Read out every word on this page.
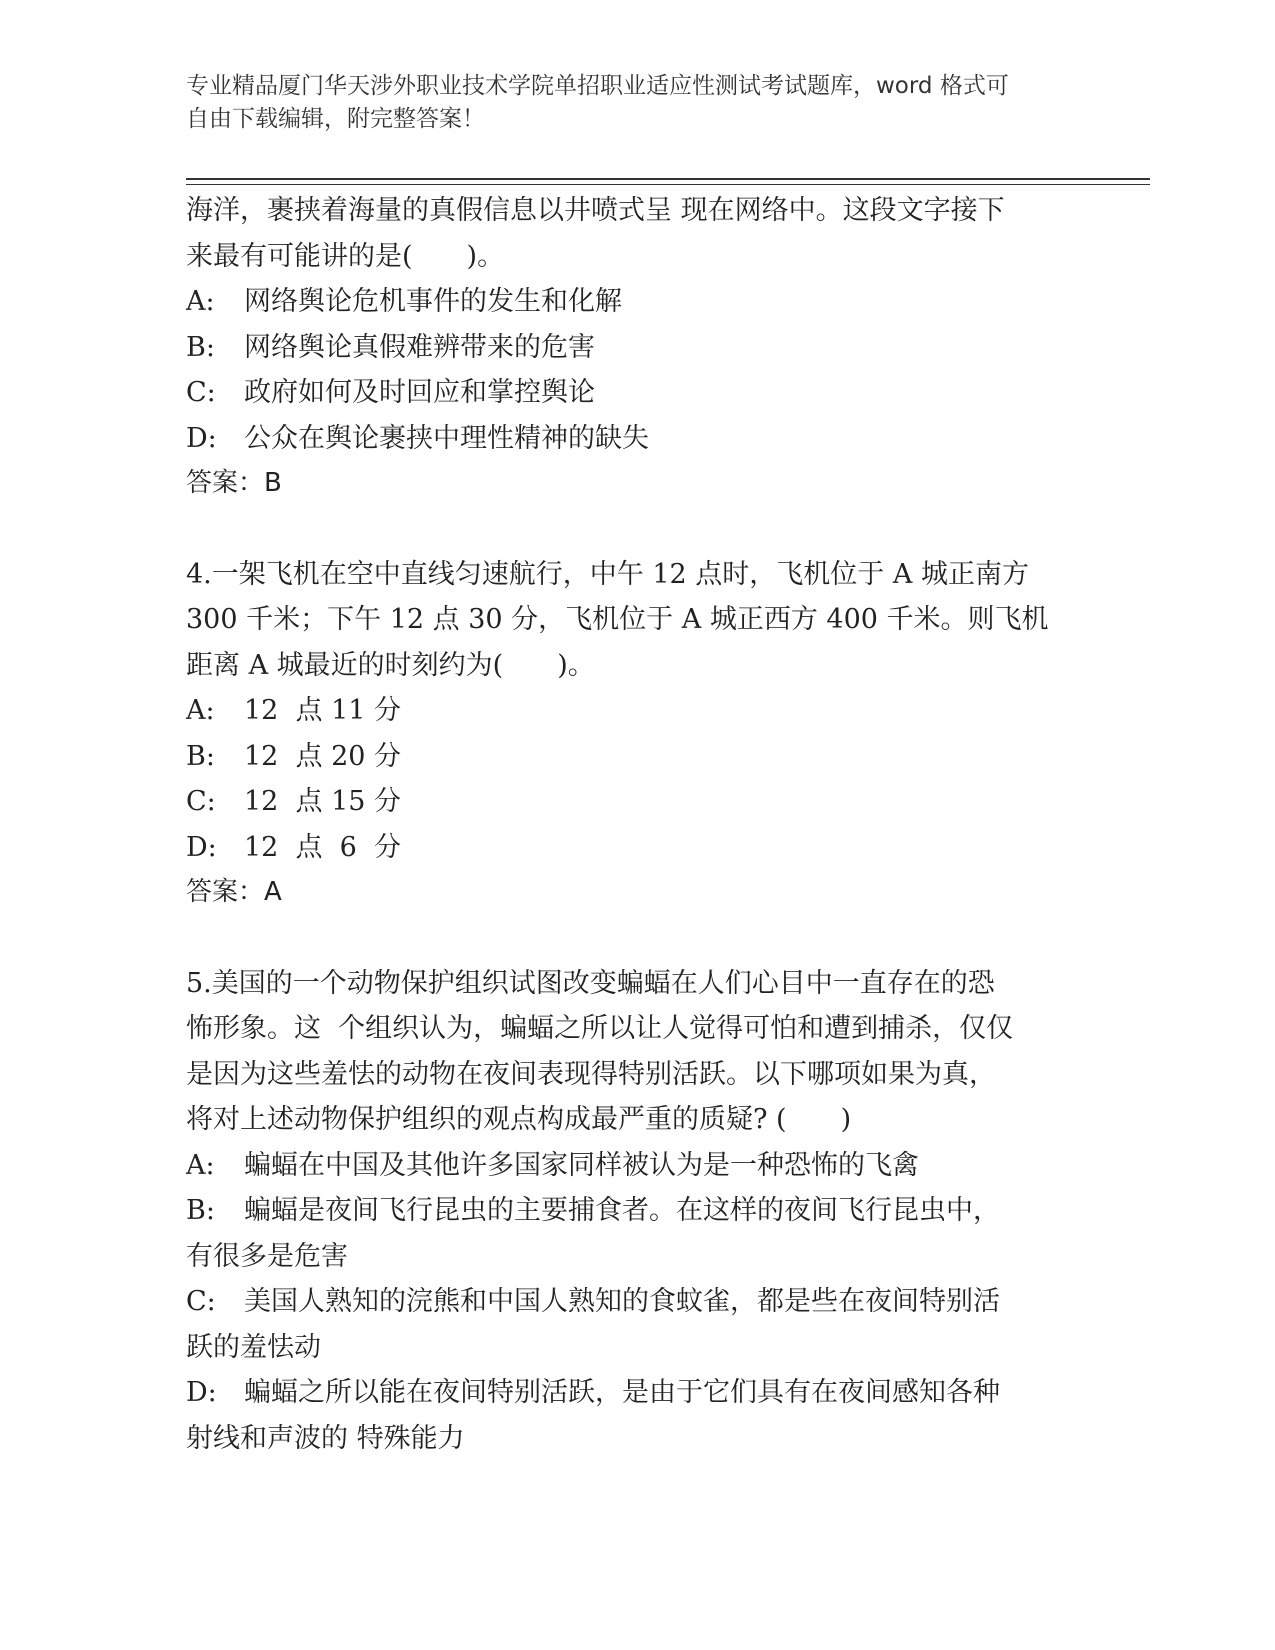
专业精品厦门华天涉外职业技术学院单招职业适应性测试考试题库，word 格式可
自由下载编辑，附完整答案！
海洋，裹挟着海量的真假信息以井喷式呈 现在网络中。这段文字接下
来最有可能讲的是(　　)。
A:	网络舆论危机事件的发生和化解
B:	网络舆论真假难辨带来的危害
C:	政府如何及时回应和掌控舆论
D:	公众在舆论裹挟中理性精神的缺失
答案：B
4.一架飞机在空中直线匀速航行，中午 12 点时，飞机位于 A 城正南方
300 千米；下午 12 点 30 分，飞机位于 A 城正西方 400 千米。则飞机
距离 A 城最近的时刻约为(　　)。
A:	12  点 11 分
B:	12  点 20 分
C:	12  点 15 分
D:	12  点  6  分
答案：A
5.美国的一个动物保护组织试图改变蝙蝠在人们心目中一直存在的恐
怖形象。这  个组织认为，蝙蝠之所以让人觉得可怕和遭到捕杀，仅仅
是因为这些羞怯的动物在夜间表现得特别活跃。以下哪项如果为真，
将对上述动物保护组织的观点构成最严重的质疑? (　　)
A:	蝙蝠在中国及其他许多国家同样被认为是一种恐怖的飞禽
B:	蝙蝠是夜间飞行昆虫的主要捕食者。在这样的夜间飞行昆虫中，
有很多是危害
C:	美国人熟知的浣熊和中国人熟知的食蚊雀，都是些在夜间特别活
跃的羞怯动
D:	蝙蝠之所以能在夜间特别活跃，是由于它们具有在夜间感知各种
射线和声波的 特殊能力
